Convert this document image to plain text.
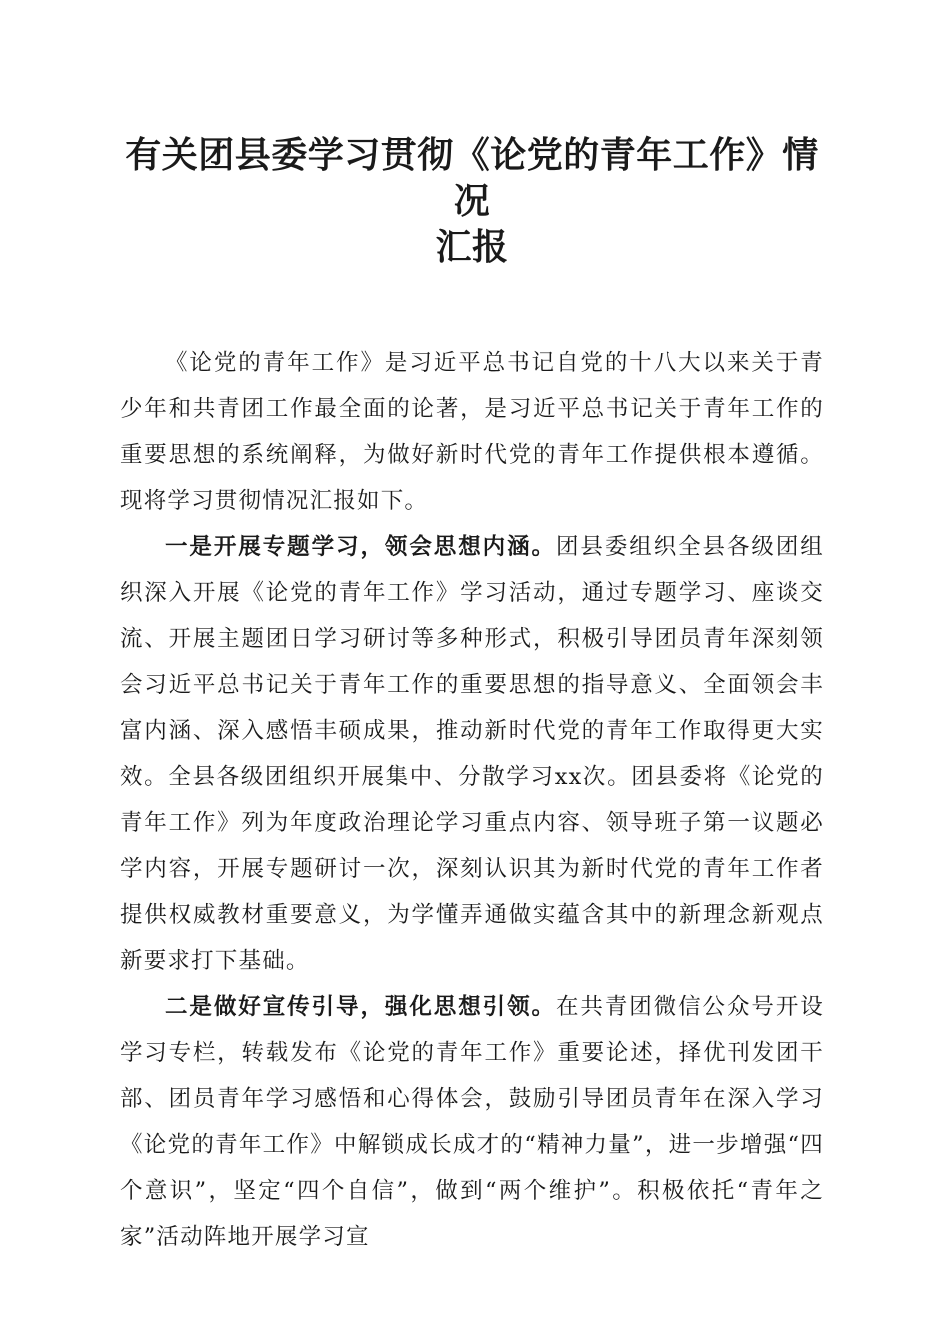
有关团县委学习贯彻《论党的青年工作》情况
汇报

《论党的青年工作》是习近平总书记自党的十八大以来关于青少年和共青团工作最全面的论著，是习近平总书记关于青年工作的重要思想的系统阐释，为做好新时代党的青年工作提供根本遵循。现将学习贯彻情况汇报如下。

一是开展专题学习，领会思想内涵。团县委组织全县各级团组织深入开展《论党的青年工作》学习活动，通过专题学习、座谈交流、开展主题团日学习研讨等多种形式，积极引导团员青年深刻领会习近平总书记关于青年工作的重要思想的指导意义、全面领会丰富内涵、深入感悟丰硕成果，推动新时代党的青年工作取得更大实效。全县各级团组织开展集中、分散学习xx次。团县委将《论党的青年工作》列为年度政治理论学习重点内容、领导班子第一议题必学内容，开展专题研讨一次，深刻认识其为新时代党的青年工作者提供权威教材重要意义，为学懂弄通做实蕴含其中的新理念新观点新要求打下基础。

二是做好宣传引导，强化思想引领。在共青团微信公众号开设学习专栏，转载发布《论党的青年工作》重要论述，择优刊发团干部、团员青年学习感悟和心得体会，鼓励引导团员青年在深入学习《论党的青年工作》中解锁成长成才的“精神力量”，进一步增强“四个意识”，坚定“四个自信”，做到“两个维护”。积极依托“青年之家”活动阵地开展学习宣
